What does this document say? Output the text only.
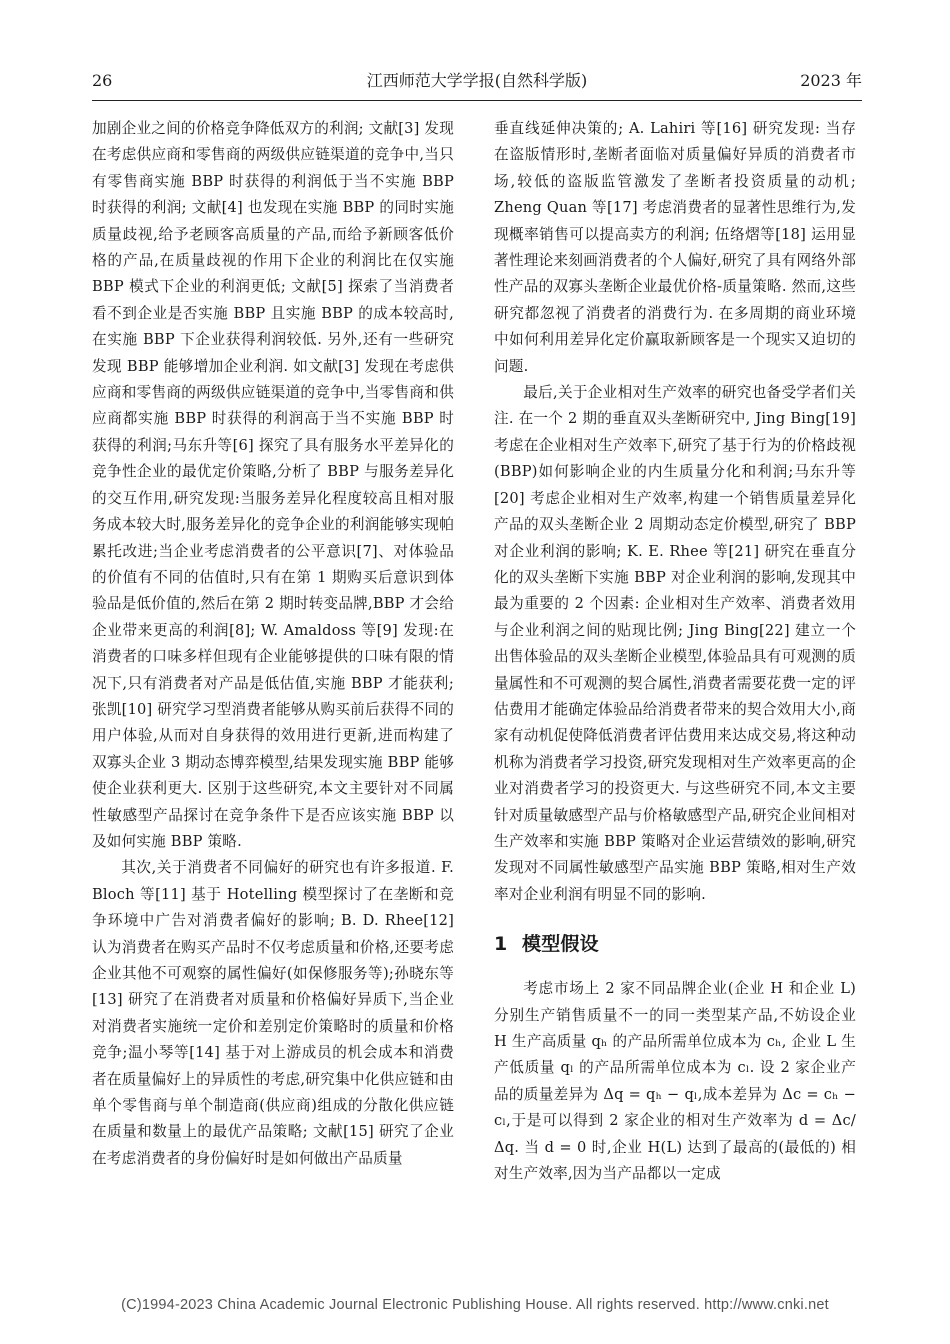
26	江西师范大学学报(自然科学版)	2023 年

加剧企业之间的价格竞争降低双方的利润; 文献[3] 发现在考虑供应商和零售商的两级供应链渠道的竞争中,当只有零售商实施 BBP 时获得的利润低于当不实施 BBP 时获得的利润; 文献[4] 也发现在实施 BBP 的同时实施质量歧视,给予老顾客高质量的产品,而给予新顾客低价格的产品,在质量歧视的作用下企业的利润比在仅实施 BBP 模式下企业的利润更低; 文献[5] 探索了当消费者看不到企业是否实施 BBP 且实施 BBP 的成本较高时,在实施 BBP 下企业获得利润较低. 另外,还有一些研究发现 BBP 能够增加企业利润. 如文献[3] 发现在考虑供应商和零售商的两级供应链渠道的竞争中,当零售商和供应商都实施 BBP 时获得的利润高于当不实施 BBP 时获得的利润;马东升等[6] 探究了具有服务水平差异化的竞争性企业的最优定价策略,分析了 BBP 与服务差异化的交互作用,研究发现:当服务差异化程度较高且相对服务成本较大时,服务差异化的竞争企业的利润能够实现帕累托改进;当企业考虑消费者的公平意识[7]、对体验品的价值有不同的估值时,只有在第 1 期购买后意识到体验品是低价值的,然后在第 2 期时转变品牌,BBP 才会给企业带来更高的利润[8]; W. Amaldoss 等[9] 发现:在消费者的口味多样但现有企业能够提供的口味有限的情况下,只有消费者对产品是低估值,实施 BBP 才能获利;张凯[10] 研究学习型消费者能够从购买前后获得不同的用户体验,从而对自身获得的效用进行更新,进而构建了双寡头企业 3 期动态博弈模型,结果发现实施 BBP 能够使企业获利更大. 区别于这些研究,本文主要针对不同属性敏感型产品探讨在竞争条件下是否应该实施 BBP 以及如何实施 BBP 策略.

其次,关于消费者不同偏好的研究也有许多报道. F. Bloch 等[11] 基于 Hotelling 模型探讨了在垄断和竞争环境中广告对消费者偏好的影响; B. D. Rhee[12] 认为消费者在购买产品时不仅考虑质量和价格,还要考虑企业其他不可观察的属性偏好(如保修服务等);孙晓东等[13] 研究了在消费者对质量和价格偏好异质下,当企业对消费者实施统一定价和差别定价策略时的质量和价格竞争;温小琴等[14] 基于对上游成员的机会成本和消费者在质量偏好上的异质性的考虑,研究集中化供应链和由单个零售商与单个制造商(供应商)组成的分散化供应链在质量和数量上的最优产品策略; 文献[15] 研究了企业在考虑消费者的身份偏好时是如何做出产品质量

垂直线延伸决策的; A. Lahiri 等[16] 研究发现: 当存在盗版情形时,垄断者面临对质量偏好异质的消费者市场,较低的盗版监管激发了垄断者投资质量的动机; Zheng Quan 等[17] 考虑消费者的显著性思维行为,发现概率销售可以提高卖方的利润; 伍络熠等[18] 运用显著性理论来刻画消费者的个人偏好,研究了具有网络外部性产品的双寡头垄断企业最优价格-质量策略. 然而,这些研究都忽视了消费者的消费行为. 在多周期的商业环境中如何利用差异化定价赢取新顾客是一个现实又迫切的问题.

最后,关于企业相对生产效率的研究也备受学者们关注. 在一个 2 期的垂直双头垄断研究中, Jing Bing[19] 考虑在企业相对生产效率下,研究了基于行为的价格歧视(BBP)如何影响企业的内生质量分化和利润;马东升等[20] 考虑企业相对生产效率,构建一个销售质量差异化产品的双头垄断企业 2 周期动态定价模型,研究了 BBP 对企业利润的影响; K. E. Rhee 等[21] 研究在垂直分化的双头垄断下实施 BBP 对企业利润的影响,发现其中最为重要的 2 个因素: 企业相对生产效率、消费者效用与企业利润之间的贴现比例; Jing Bing[22] 建立一个出售体验品的双头垄断企业模型,体验品具有可观测的质量属性和不可观测的契合属性,消费者需要花费一定的评估费用才能确定体验品给消费者带来的契合效用大小,商家有动机促使降低消费者评估费用来达成交易,将这种动机称为消费者学习投资,研究发现相对生产效率更高的企业对消费者学习的投资更大. 与这些研究不同,本文主要针对质量敏感型产品与价格敏感型产品,研究企业间相对生产效率和实施 BBP 策略对企业运营绩效的影响,研究发现对不同属性敏感型产品实施 BBP 策略,相对生产效率对企业利润有明显不同的影响.

1 模型假设

考虑市场上 2 家不同品牌企业(企业 H 和企业 L) 分别生产销售质量不一的同一类型某产品,不妨设企业 H 生产高质量 qₕ 的产品所需单位成本为 cₕ, 企业 L 生产低质量 qₗ 的产品所需单位成本为 cₗ. 设 2 家企业产品的质量差异为 Δq = qₕ − qₗ,成本差异为 Δc = cₕ − cₗ,于是可以得到 2 家企业的相对生产效率为 d = Δc/Δq. 当 d = 0 时,企业 H(L) 达到了最高的(最低的) 相对生产效率,因为当产品都以一定成

(C)1994-2023 China Academic Journal Electronic Publishing House. All rights reserved. http://www.cnki.net
